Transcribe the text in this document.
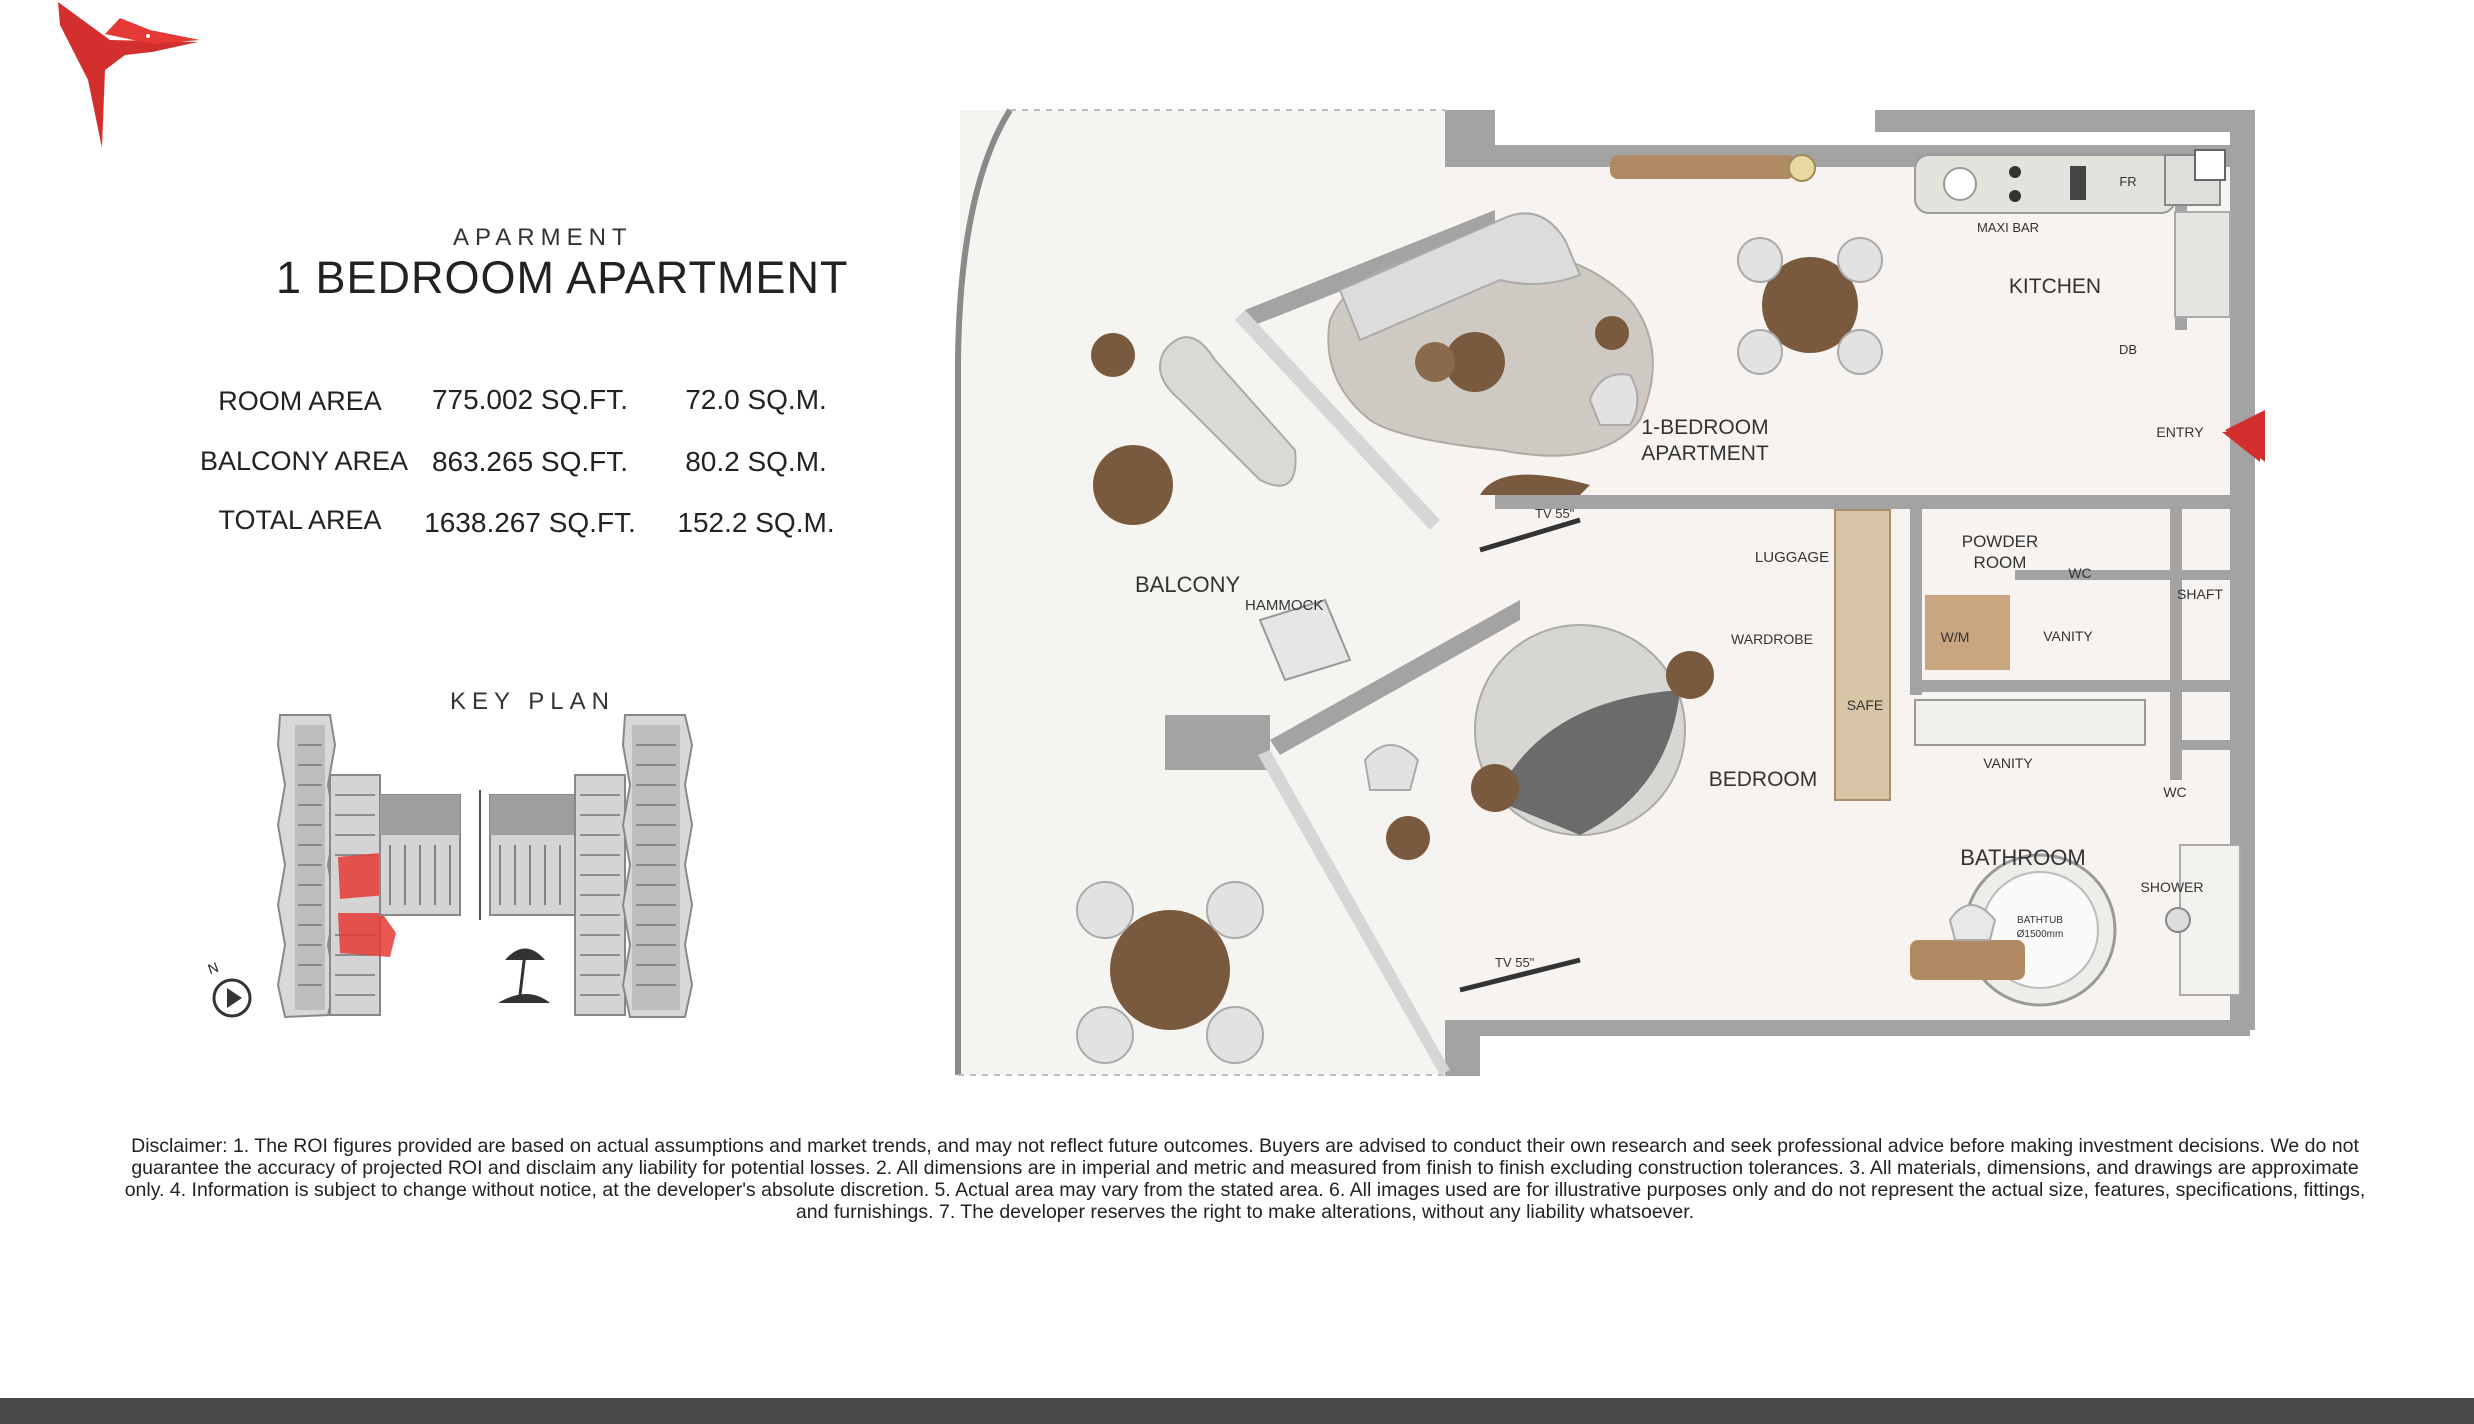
APARMENT
1 BEDROOM APARTMENT
ROOM AREA	775.002 SQ.FT.	72.0 SQ.M.
BALCONY AREA 863.265 SQ.FT.	80.2 SQ.M.
TOTAL AREA	1638.267 SQ.FT.	152.2 SQ.M.
KEY PLAN
N
BALCONY
HAMMOCK
1-BEDROOM
APARTMENT
KITCHEN
MAXI BAR
FR
DB
ENTRY
TV 55"
LUGGAGE
WARDROBE
SAFE
POWDER
ROOM
WC
W/M	VANITY
SHAFT
BEDROOM
VANITY
WC
BATHROOM
SHOWER
BATHTUB
Ø1500mm
TV 55"
Disclaimer: 1. The ROI figures provided are based on actual assumptions and market trends, and may not reflect future outcomes. Buyers are advised to conduct their own research and seek professional advice before making investment decisions. We do not guarantee the accuracy of projected ROI and disclaim any liability for potential losses. 2. All dimensions are in imperial and metric and measured from finish to finish excluding construction tolerances. 3. All materials, dimensions, and drawings are approximate only. 4. Information is subject to change without notice, at the developer's absolute discretion. 5. Actual area may vary from the stated area. 6. All images used are for illustrative purposes only and do not represent the actual size, features, specifications, fittings, and furnishings. 7. The developer reserves the right to make alterations, without any liability whatsoever.
